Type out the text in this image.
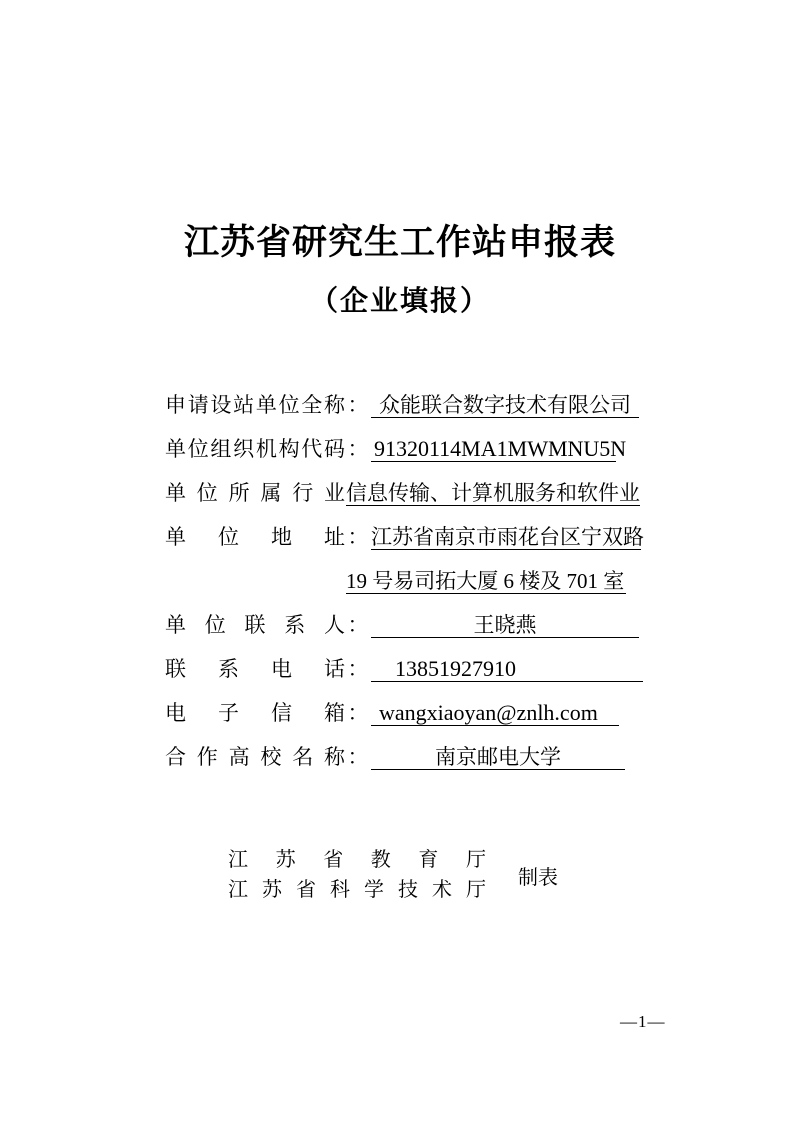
江苏省研究生工作站申报表
（企业填报）
申请设站单位全称 ： 众能联合数字技术有限公司
单位组织机构代码 ： 91320114MA1MWMNU5N
单位所属行业 信息传输、计算机服务和软件业
单位地址 ： 江苏省南京市雨花台区宁双路
19 号易司拓大厦 6 楼及 701 室
单位联系人 ：	王晓燕
联系电话 ：	13851927910
电子信箱 ： wangxiaoyan@znlh.com
合作高校名称 ：	南京邮电大学
江苏省教育厅
江苏省科学技术厅
制表
—1—
